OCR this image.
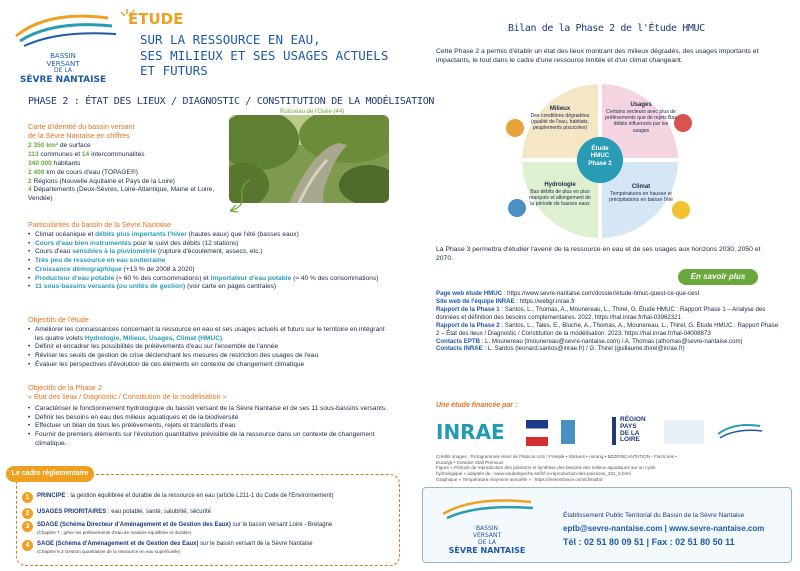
BASSIN
VERSANT
DE LA
SÈVRE NANTAISE
ÉTUDE
SUR LA RESSOURCE EN EAU,
SES MILIEUX ET SES USAGES ACTUELS ET FUTURS
PHASE 2 : ÉTAT DES LIEUX / DIAGNOSTIC / CONSTITUTION DE LA MODÉLISATION
Ruisseau de l'Osée (44)
Carte d'identité du bassin versant
de la Sèvre Nantaise en chiffres
2 350 km² de surface
113 communes et 14 intercommunalités
340 000 habitants
2 400 km de cours d'eau (TOPAGE®)
2 Régions (Nouvelle Aquitaine et Pays de la Loire)
4 Départements (Deux-Sèvres, Loire-Atlantique, Maine et Loire, Vendée)
Particularités du bassin de la Sèvre Nantaise
• Climat océanique et débits plus importants l'hiver (hautes eaux) que l'été (basses eaux)
• Cours d'eau bien instrumentés pour le suivi des débits (12 stations)
• Cours d'eau sensibles à la pluviométrie (rupture d'écoulement, assecs, etc.)
• Très peu de ressource en eau souterraine
• Croissance démographique (+13 % de 2008 à 2020)
• Producteur d'eau potable (≈ 60 % des consommations) et importateur d'eau potable (≈ 40 % des consommations)
• 11 sous-bassins versants (ou unités de gestion) (voir carte en pages centrales)
Objectifs de l'étude
• Améliorer les connaissances concernant la ressource en eau et ses usages actuels et futurs sur le territoire en intégrant les quatre volets Hydrologie, Milieux, Usages, Climat (HMUC)
• Définir et encadrer les possibilités de prélèvements d'eau sur l'ensemble de l'année
• Réviser les seuils de gestion de crise déclenchant les mesures de restriction des usages de l'eau
• Évaluer les perspectives d'évolution de ces éléments en contexte de changement climatique
Objectifs de la Phase 2
« État des lieux / Diagnostic / Constitution de la modélisation »
• Caractériser le fonctionnement hydrologique du bassin versant de la Sèvre Nantaise et de ses 11 sous-bassins versants.
• Définir les besoins en eau des milieux aquatiques et de la biodiversité
• Effectuer un bilan de tous les prélèvements, rejets et transferts d'eau
• Fournir de premiers éléments sur l'évolution quantitative prévisible de la ressource dans un contexte de changement climatique.
Le cadre réglementaire
1	PRINCIPE : la gestion équilibrée et durable de la ressource en eau (article L211-1 du Code de l'Environnement)
2	USAGES PRIORITAIRES : eau potable, santé, salubrité, sécurité
3	SDAGE (Schéma Directeur d'Aménagement et de Gestion des Eaux) sur le bassin versant Loire - Bretagne
(Chapitre 7 : gérer les prélèvements d'eau de manière équilibrée et durable)
4	SAGE (Schéma d'Aménagement et de Gestion des Eaux) sur le bassin versant de la Sèvre Nantaise
(Chapitre 6.3 Gestion quantitative de la ressource en eau superficielle)
Bilan de la Phase 2 de l'Étude HMUC
Cette Phase 2 a permis d'établir un état des lieux montrant des milieux dégradés, des usages importants et impactants, le tout dans le cadre d'une ressource limitée et d'un climat changeant.
Milieux
Des conditions dégradées (qualité de l'eau, habitats, peuplements piscicoles)
Usages
Certains secteurs avec plus de prélèvements que de rejets Bas débits influencés par les usages
Hydrologie
Bas débits de plus en plus marqués et allongement de la période de basses eaux
Climat
Températures en hausse et précipitations en baisse l'été
Étude
HMUC
Phase 2
La Phase 3 permettra d'étudier l'avenir de la ressource en eau et de ses usages aux horizons 2030, 2050 et 2070.
En savoir plus
Page web étude HMUC : https://www.sevre-nantaise.com/dossier/etude-hmuc-quest-ce-que-cest
Site web de l'équipe INRAE : https://webgr.inrae.fr
Rapport de la Phase 1 : Santos, L., Thomas, A., Mounereau, L., Thirel, G. Étude HMUC : Rapport Phase 1 – Analyse des données et définition des besoins complémentaires. 2022. https://hal.inrae.fr/hal-03962321
Rapport de la Phase 2 : Santos, L., Tales, E., Bluche, A., Thomas, A., Mounereau, L., Thirel, G. Étude HMUC : Rapport Phase 2 – État des lieux / Diagnostic / Constitution de la modélisation. 2023. https://hal.inrae.fr/hal-04008873
Contacts EPTB : L. Mounereau (lmounereau@sevre-nantaise.com) / A. Thomas (athomas@sevre-nantaise.com)
Contacts INRAE : L. Santos (leonard.santos@inrae.fr) / G. Thirel (guillaume.thirel@inrae.fr)
Une étude financée par :
INRAE
RÉGION
PAYS
DE LA
LOIRE
Crédits images : Pictogrammes issus de Flaticon.com / Freepik • Stickers • ourang • BZZRINCANTATION - Flat Icons •
Eucalyp • Creative Stall Premium
Figure « Période de reproduction des poissons et synthèse des besoins des milieux aquatiques sur un cycle
hydrologique » adaptée de : www.eaubdepeche.se/fr/l-a-reproduction-des-poissons_231_8.html
Graphique « Température moyenne annuelle » : https://meteofrance.com/climathd
BASSIN
VERSANT
DE LA
SÈVRE NANTAISE
Établissement Public Territorial du Bassin de la Sèvre Nantaise
eptb@sevre-nantaise.com | www.sevre-nantaise.com
Tél : 02 51 80 09 51 | Fax : 02 51 80 50 11
